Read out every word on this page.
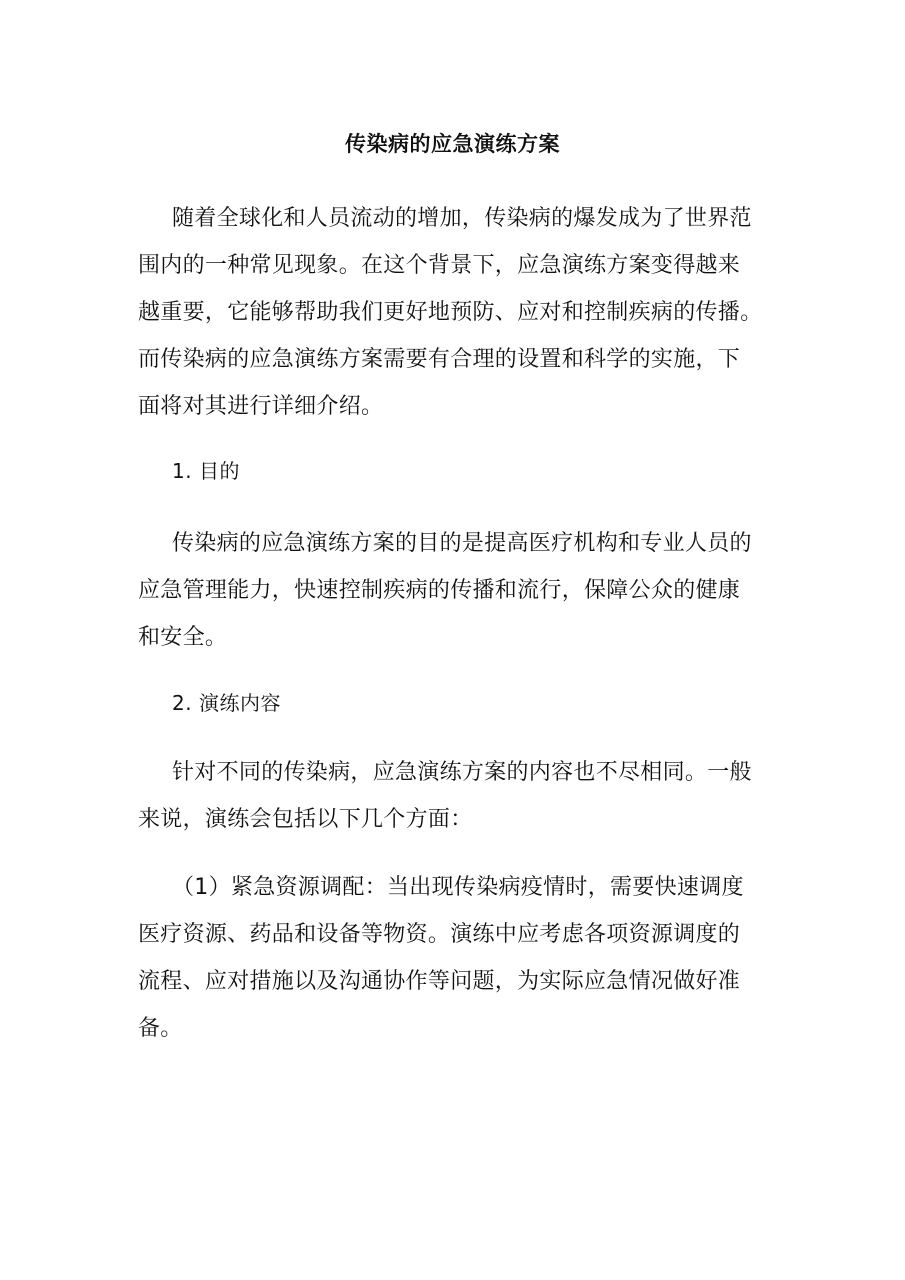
传染病的应急演练方案
随着全球化和人员流动的增加，传染病的爆发成为了世界范
围内的一种常见现象。在这个背景下，应急演练方案变得越来
越重要，它能够帮助我们更好地预防、应对和控制疾病的传播。
而传染病的应急演练方案需要有合理的设置和科学的实施，下
面将对其进行详细介绍。
1. 目的
传染病的应急演练方案的目的是提高医疗机构和专业人员的
应急管理能力，快速控制疾病的传播和流行，保障公众的健康
和安全。
2. 演练内容
针对不同的传染病，应急演练方案的内容也不尽相同。一般
来说，演练会包括以下几个方面：
（1）紧急资源调配：当出现传染病疫情时，需要快速调度
医疗资源、药品和设备等物资。演练中应考虑各项资源调度的
流程、应对措施以及沟通协作等问题，为实际应急情况做好准
备。
